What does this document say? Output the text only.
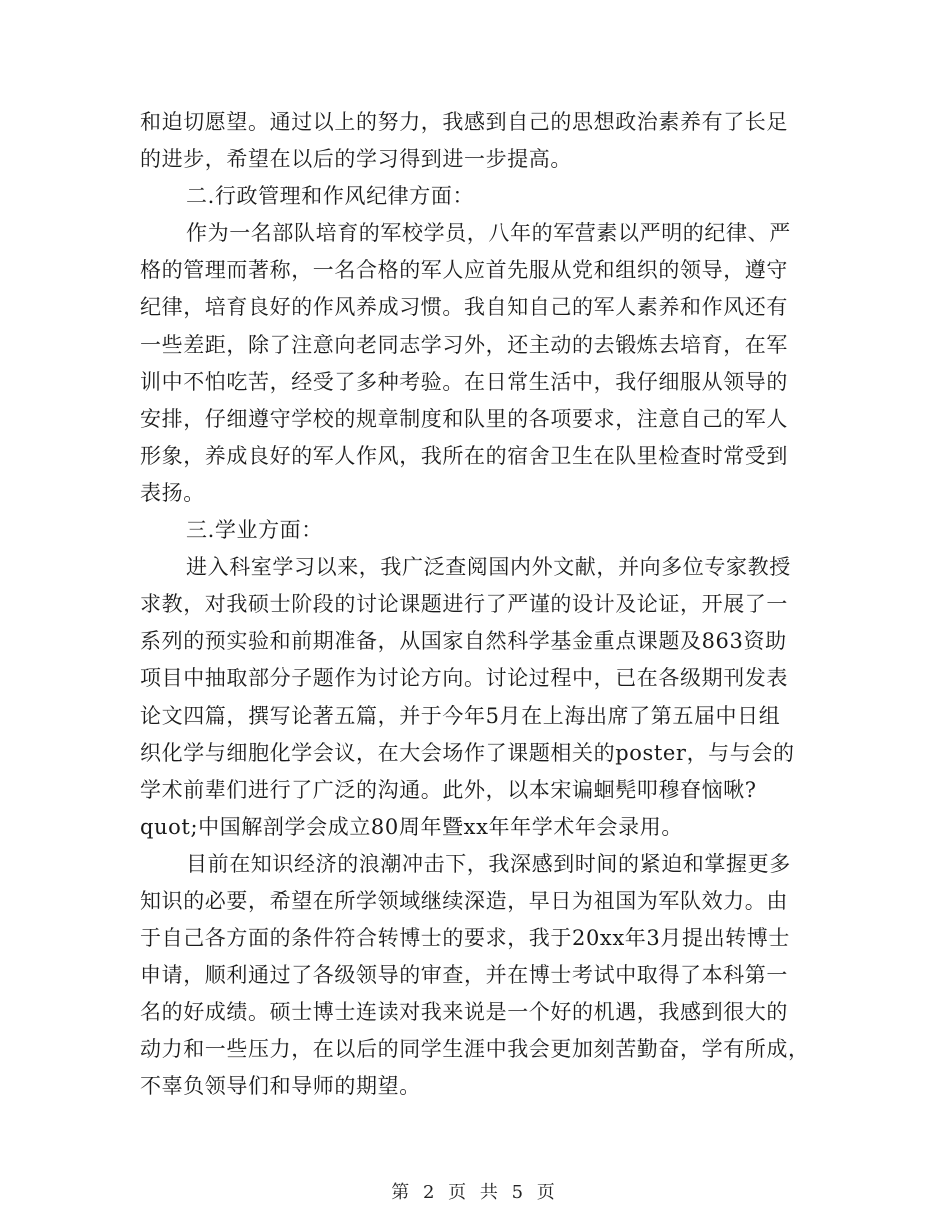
和迫切愿望。通过以上的努力，我感到自己的思想政治素养有了长足
的进步，希望在以后的学习得到进一步提高。
二.行政管理和作风纪律方面：
作为一名部队培育的军校学员，八年的军营素以严明的纪律、严
格的管理而著称，一名合格的军人应首先服从党和组织的领导，遵守
纪律，培育良好的作风养成习惯。我自知自己的军人素养和作风还有
一些差距，除了注意向老同志学习外，还主动的去锻炼去培育，在军
训中不怕吃苦，经受了多种考验。在日常生活中，我仔细服从领导的
安排，仔细遵守学校的规章制度和队里的各项要求，注意自己的军人
形象，养成良好的军人作风，我所在的宿舍卫生在队里检查时常受到
表扬。
三.学业方面：
进入科室学习以来，我广泛查阅国内外文献，并向多位专家教授
求教，对我硕士阶段的讨论课题进行了严谨的设计及论证，开展了一
系列的预实验和前期准备，从国家自然科学基金重点课题及863资助
项目中抽取部分子题作为讨论方向。讨论过程中，已在各级期刊发表
论文四篇，撰写论著五篇，并于今年5月在上海出席了第五届中日组
织化学与细胞化学会议，在大会场作了课题相关的poster，与与会的
学术前辈们进行了广泛的沟通。此外，以本宋谝蛔髡叩穆眘恼啾?
quot;中国解剖学会成立80周年暨xx年年学术年会录用。
目前在知识经济的浪潮冲击下，我深感到时间的紧迫和掌握更多
知识的必要，希望在所学领域继续深造，早日为祖国为军队效力。由
于自己各方面的条件符合转博士的要求，我于20xx年3月提出转博士
申请，顺利通过了各级领导的审查，并在博士考试中取得了本科第一
名的好成绩。硕士博士连读对我来说是一个好的机遇，我感到很大的
动力和一些压力，在以后的同学生涯中我会更加刻苦勤奋，学有所成，
不辜负领导们和导师的期望。
第 2 页 共 5 页
